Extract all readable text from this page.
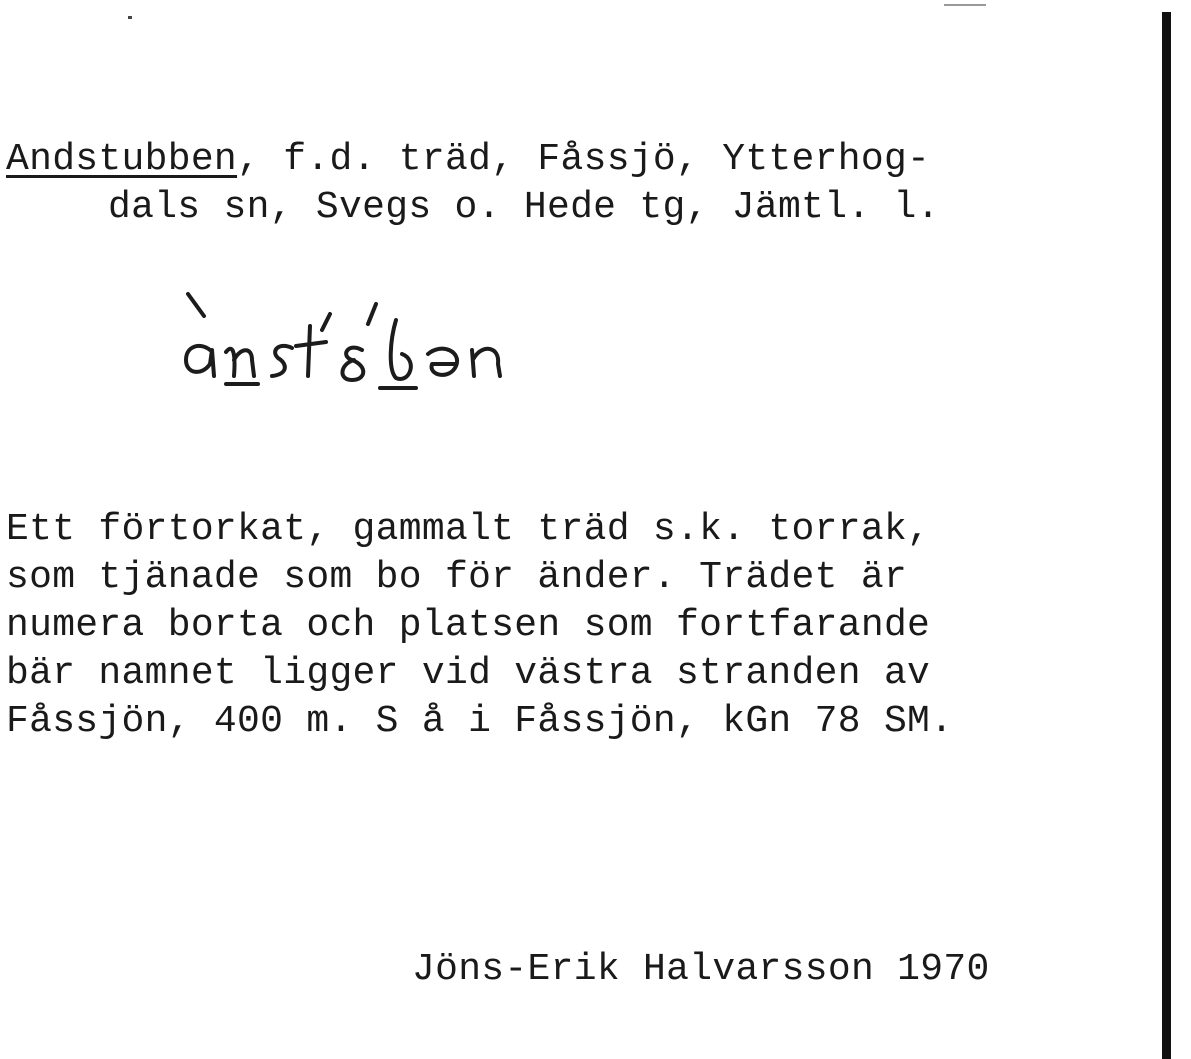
Andstubben, f.d. träd, Fåssjö, Ytterhog-

dals sn, Svegs o. Hede tg, Jämtl. l.

Ett förtorkat, gammalt träd s.k. torrak,
som tjänade som bo för änder. Trädet är
numera borta och platsen som fortfarande
bär namnet ligger vid västra stranden av
Fåssjön, 400 m. S å i Fåssjön, kGn 78 SM.

Jöns-Erik Halvarsson 1970
